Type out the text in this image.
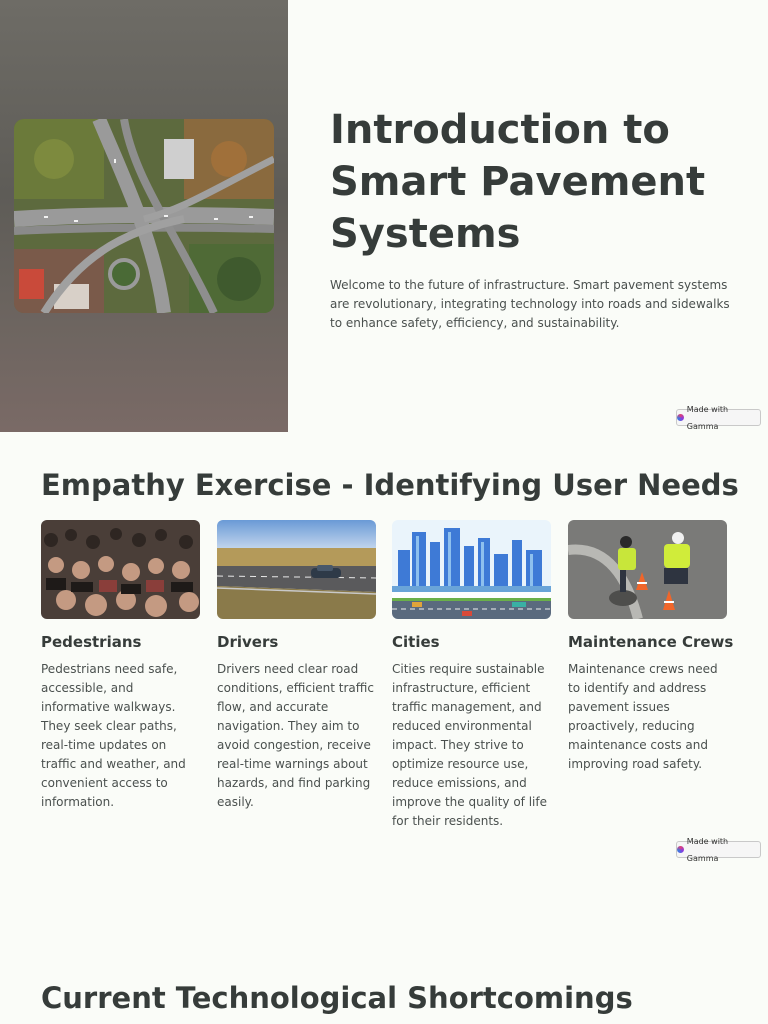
Introduction to Smart Pavement Systems

Welcome to the future of infrastructure. Smart pavement systems are revolutionary, integrating technology into roads and sidewalks to enhance safety, efficiency, and sustainability.

Made with Gamma
Empathy Exercise - Identifying User Needs
Pedestrians

Pedestrians need safe, accessible, and informative walkways. They seek clear paths, real-time updates on traffic and weather, and convenient access to information.

Drivers

Drivers need clear road conditions, efficient traffic flow, and accurate navigation. They aim to avoid congestion, receive real-time warnings about hazards, and find parking easily.

Cities

Cities require sustainable infrastructure, efficient traffic management, and reduced environmental impact. They strive to optimize resource use, reduce emissions, and improve the quality of life for their residents.

Maintenance Crews

Maintenance crews need to identify and address pavement issues proactively, reducing maintenance costs and improving road safety.

Made with Gamma
Current Technological Shortcomings
